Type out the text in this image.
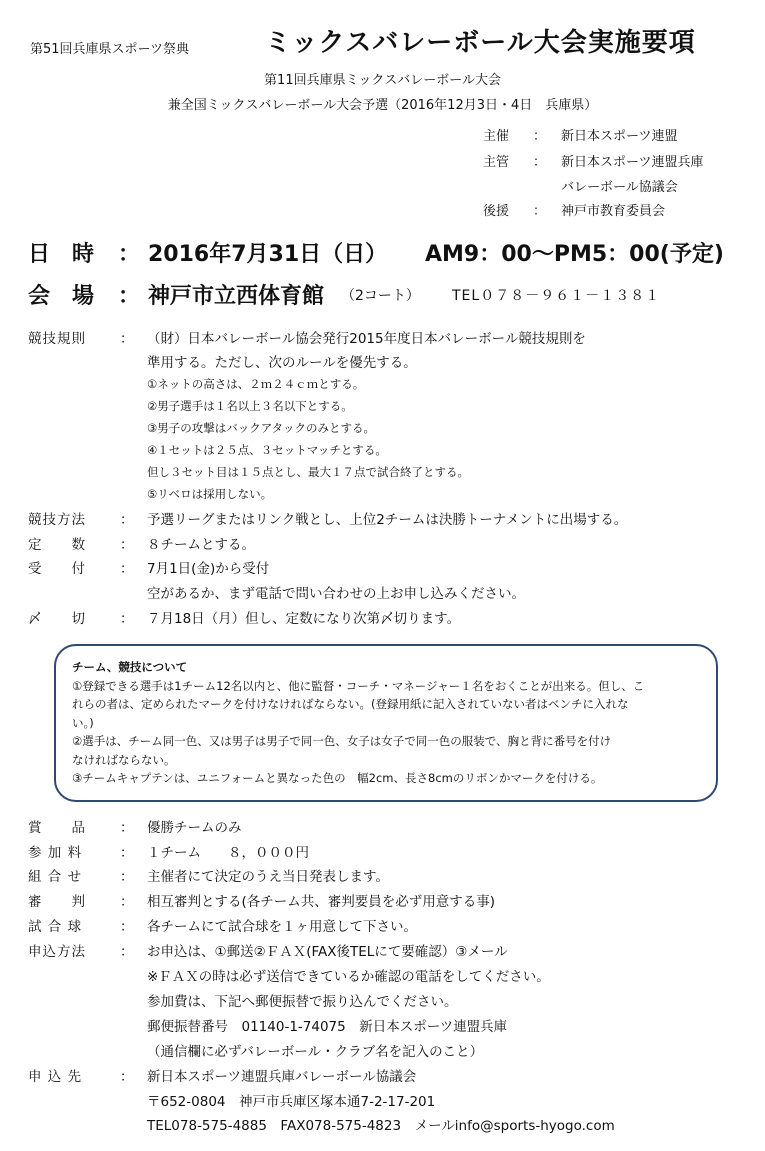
第51回兵庫県スポーツ祭典	ミックスバレーボール大会実施要項
第11回兵庫県ミックスバレーボール大会
兼全国ミックスバレーボール大会予選（2016年12月3日・4日　兵庫県）
主催 ： 新日本スポーツ連盟
主管 ： 新日本スポーツ連盟兵庫
バレーボール協議会
後援 ： 神戸市教育委員会
日　時 ： 2016年7月31日（日） AM9：00～PM5：00(予定)
会　場 ： 神戸市立西体育館 （2コート） TEL０７８－９６１－１３８１
競技規則	： （財）日本バレーボール協会発行2015年度日本バレーボール競技規則を
準用する。ただし、次のルールを優先する。
①ネットの高さは、２ｍ２４ｃｍとする。
②男子選手は１名以上３名以下とする。
③男子の攻撃はバックアタックのみとする。
④１セットは２５点、３セットマッチとする。
但し３セット目は１５点とし、最大１７点で試合終了とする。
⑤リベロは採用しない。
競技方法	： 予選リーグまたはリンク戦とし、上位2チームは決勝トーナメントに出場する。
定　　数	： ８チームとする。
受　　付	： 7月1日(金)から受付
空があるか、まず電話で問い合わせの上お申し込みください。
〆　　切	： ７月18日（月）但し、定数になり次第〆切ります。
チーム、競技について
①登録できる選手は1チーム12名以内と、他に監督・コーチ・マネージャー１名をおくことが出来る。但し、こ
れらの者は、定められたマークを付けなければならない。(登録用紙に記入されていない者はベンチに入れな
い。)
②選手は、チーム同一色、又は男子は男子で同一色、女子は女子で同一色の服装で、胸と背に番号を付け
なければならない。
③チームキャプテンは、ユニフォームと異なった色の　幅2cm、長さ8cmのリボンかマークを付ける。
賞　　品	： 優勝チームのみ
参 加 料	： １チーム　　８，０００円
組 合 せ	： 主催者にて決定のうえ当日発表します。
審　　判	： 相互審判とする(各チーム共、審判要員を必ず用意する事)
試 合 球	： 各チームにて試合球を１ヶ用意して下さい。
申込方法	： お申込は、①郵送②ＦＡＸ(FAX後TELにて要確認）③メール
※ＦＡＸの時は必ず送信できているか確認の電話をしてください。
参加費は、下記へ郵便振替で振り込んでください。
郵便振替番号　01140-1-74075　新日本スポーツ連盟兵庫
（通信欄に必ずバレーボール・クラブ名を記入のこと）
申 込 先	： 新日本スポーツ連盟兵庫バレーボール協議会
〒652-0804　神戸市兵庫区塚本通7-2-17-201
TEL078-575-4885　FAX078-575-4823　メールinfo@sports-hyogo.com
